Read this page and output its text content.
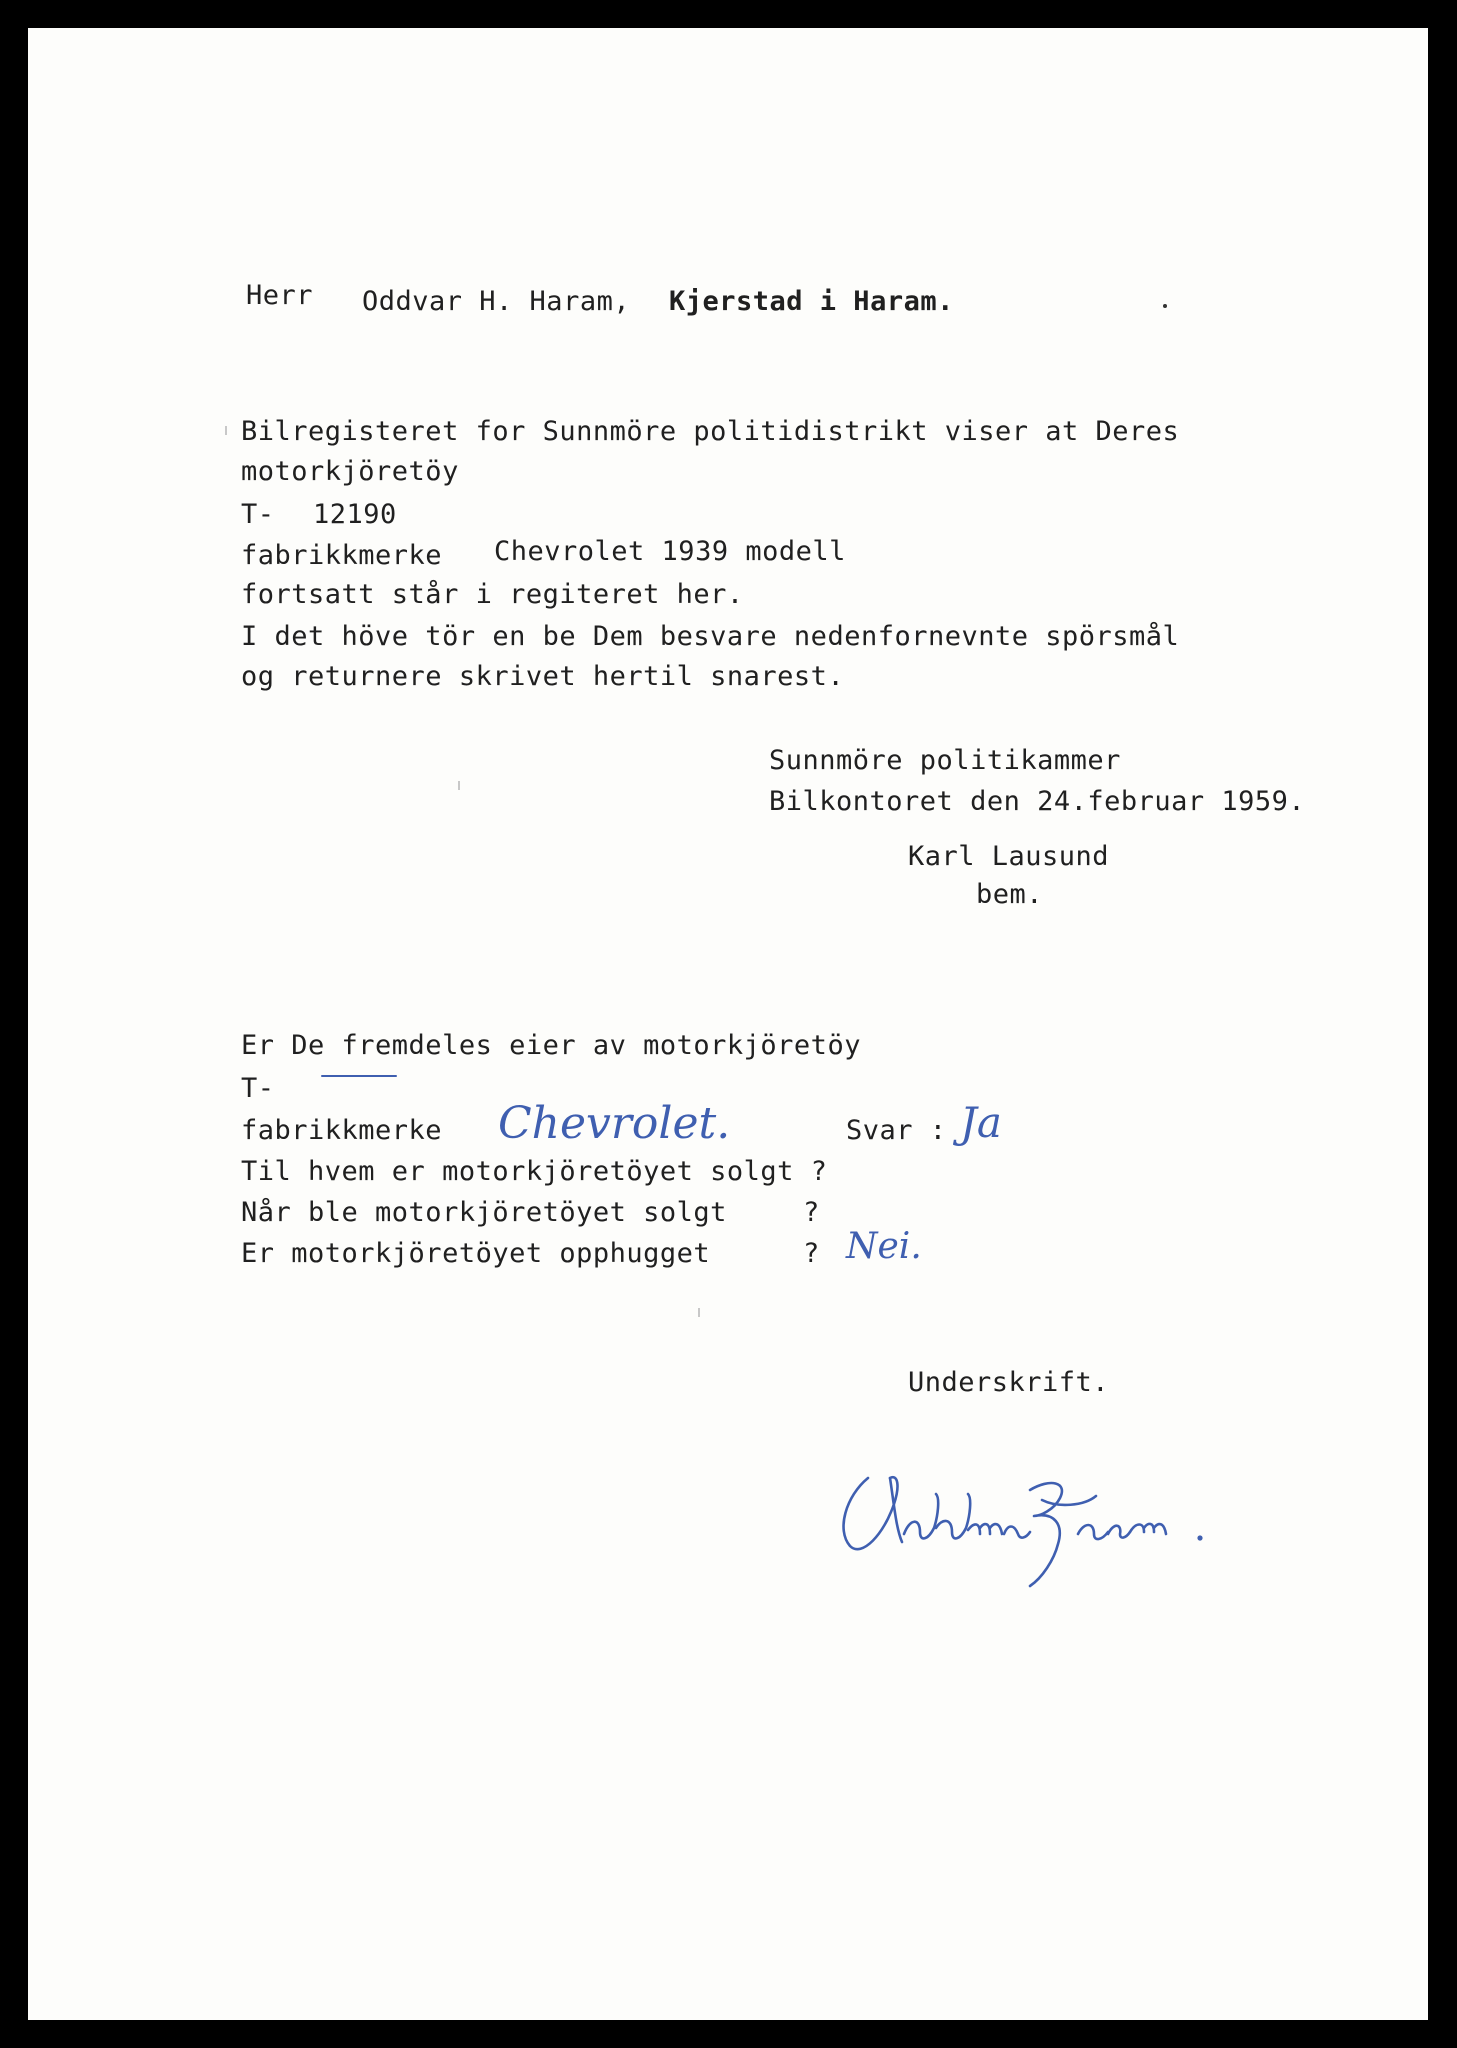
Herr Oddvar H. Haram, Kjerstad i Haram.
Bilregisteret for Sunnmöre politidistrikt viser at Deres
motorkjöretöy
T- 12190
fabrikkmerke Chevrolet 1939 modell
fortsatt står i regiteret her.
I det höve tör en be Dem besvare nedenfornevnte spörsmål
og returnere skrivet hertil snarest.
Sunnmöre politikammer
Bilkontoret den 24.februar 1959.
Karl Lausund
bem.
Er De fremdeles eier av motorkjöretöy
T-
fabrikkmerke Chevrolet.	Svar : Ja
Til hvem er motorkjöretöyet solgt ?
Når ble motorkjöretöyet solgt	?
Er motorkjöretöyet opphugget	? Nei.
Underskrift.
